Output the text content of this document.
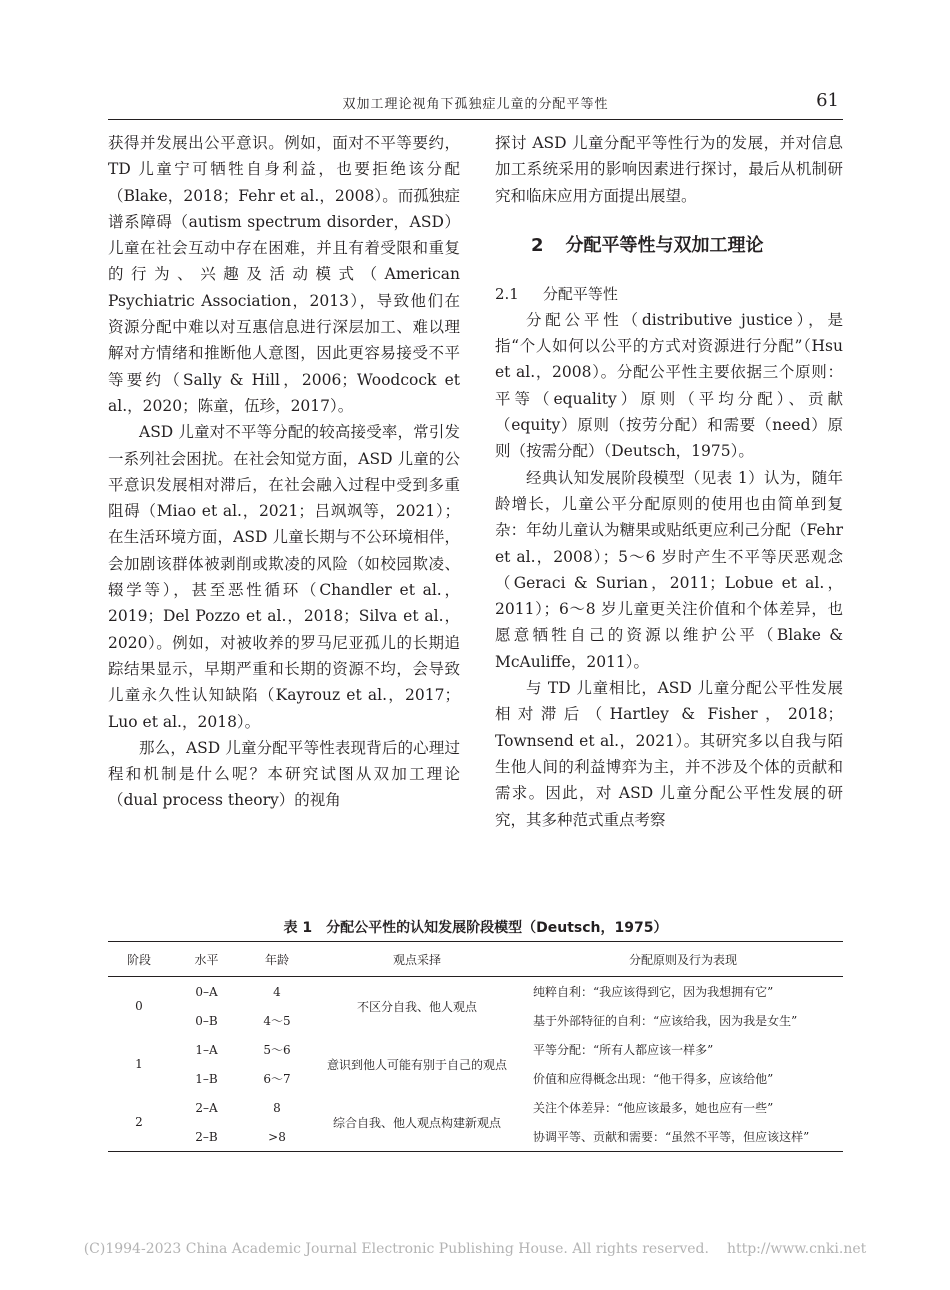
双加工理论视角下孤独症儿童的分配平等性	61

获得并发展出公平意识。例如，面对不平等要约，TD 儿童宁可牺牲自身利益，也要拒绝该分配（Blake，2018；Fehr et al.，2008）。而孤独症谱系障碍（autism spectrum disorder，ASD）儿童在社会互动中存在困难，并且有着受限和重复的行为、兴趣及活动模式（American Psychiatric Association，2013），导致他们在资源分配中难以对互惠信息进行深层加工、难以理解对方情绪和推断他人意图，因此更容易接受不平等要约（Sally & Hill，2006；Woodcock et al.，2020；陈童，伍珍，2017）。

ASD 儿童对不平等分配的较高接受率，常引发一系列社会困扰。在社会知觉方面，ASD 儿童的公平意识发展相对滞后，在社会融入过程中受到多重阻碍（Miao et al.，2021；吕飒飒等，2021）；在生活环境方面，ASD 儿童长期与不公环境相伴，会加剧该群体被剥削或欺凌的风险（如校园欺凌、辍学等），甚至恶性循环（Chandler et al.，2019；Del Pozzo et al.，2018；Silva et al.，2020）。例如，对被收养的罗马尼亚孤儿的长期追踪结果显示，早期严重和长期的资源不均，会导致儿童永久性认知缺陷（Kayrouz et al.，2017；Luo et al.，2018）。

那么，ASD 儿童分配平等性表现背后的心理过程和机制是什么呢？本研究试图从双加工理论（dual process theory）的视角

探讨 ASD 儿童分配平等性行为的发展，并对信息加工系统采用的影响因素进行探讨，最后从机制研究和临床应用方面提出展望。

2 分配平等性与双加工理论
2.1 分配平等性

分配公平性（distributive justice），是指“个人如何以公平的方式对资源进行分配”（Hsu et al.，2008）。分配公平性主要依据三个原则：平等（equality）原则（平均分配）、贡献（equity）原则（按劳分配）和需要（need）原则（按需分配）（Deutsch，1975）。

经典认知发展阶段模型（见表 1）认为，随年龄增长，儿童公平分配原则的使用也由简单到复杂：年幼儿童认为糖果或贴纸更应利己分配（Fehr et al.，2008）；5～6 岁时产生不平等厌恶观念（Geraci & Surian，2011；Lobue et al.，2011）；6～8 岁儿童更关注价值和个体差异，也愿意牺牲自己的资源以维护公平（Blake & McAuliffe，2011）。

与 TD 儿童相比，ASD 儿童分配公平性发展相对滞后（Hartley & Fisher，2018；Townsend et al.，2021）。其研究多以自我与陌生他人间的利益博弈为主，并不涉及个体的贡献和需求。因此，对 ASD 儿童分配公平性发展的研究，其多种范式重点考察

表 1 分配公平性的认知发展阶段模型（Deutsch，1975）
阶段	水平	年龄	观点采择	分配原则及行为表现
0	0–A	4	不区分自我、他人观点	纯粹自利：“我应该得到它，因为我想拥有它”
	0–B	4～5		基于外部特征的自利：“应该给我，因为我是女生”
1	1–A	5～6	意识到他人可能有别于自己的观点	平等分配：“所有人都应该一样多”
	1–B	6～7		价值和应得概念出现：“他干得多，应该给他”
2	2–A	8	综合自我、他人观点构建新观点	关注个体差异：“他应该最多，她也应有一些”
	2–B	>8		协调平等、贡献和需要：“虽然不平等，但应该这样”
(C)1994-2023 China Academic Journal Electronic Publishing House. All rights reserved. http://www.cnki.net
